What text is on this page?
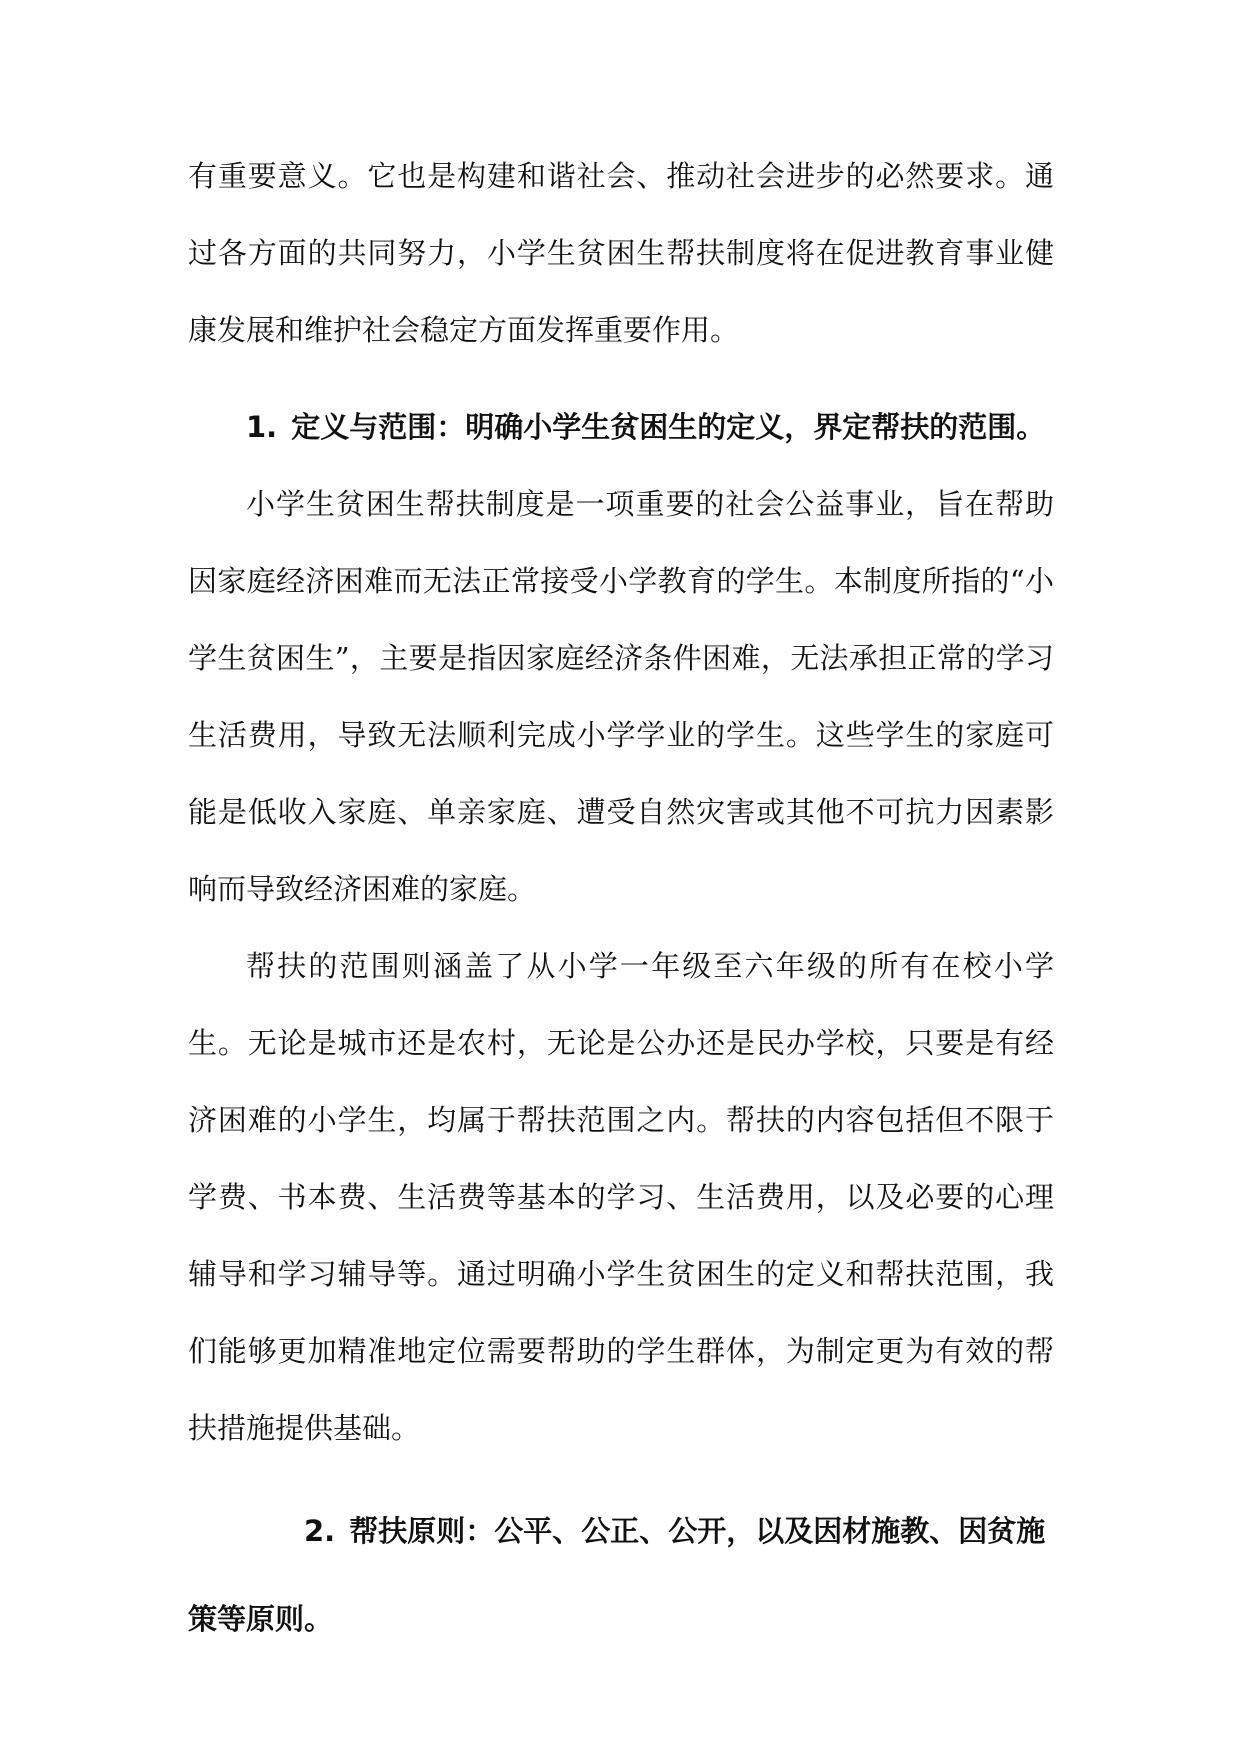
有重要意义。它也是构建和谐社会、推动社会进步的必然要求。通过各方面的共同努力，小学生贫困生帮扶制度将在促进教育事业健康发展和维护社会稳定方面发挥重要作用。

1. 定义与范围：明确小学生贫困生的定义，界定帮扶的范围。

小学生贫困生帮扶制度是一项重要的社会公益事业，旨在帮助因家庭经济困难而无法正常接受小学教育的学生。本制度所指的“小学生贫困生”，主要是指因家庭经济条件困难，无法承担正常的学习生活费用，导致无法顺利完成小学学业的学生。这些学生的家庭可能是低收入家庭、单亲家庭、遭受自然灾害或其他不可抗力因素影响而导致经济困难的家庭。

帮扶的范围则涵盖了从小学一年级至六年级的所有在校小学生。无论是城市还是农村，无论是公办还是民办学校，只要是有经济困难的小学生，均属于帮扶范围之内。帮扶的内容包括但不限于学费、书本费、生活费等基本的学习、生活费用，以及必要的心理辅导和学习辅导等。通过明确小学生贫困生的定义和帮扶范围，我们能够更加精准地定位需要帮助的学生群体，为制定更为有效的帮扶措施提供基础。

2. 帮扶原则：公平、公正、公开，以及因材施教、因贫施策等原则。
